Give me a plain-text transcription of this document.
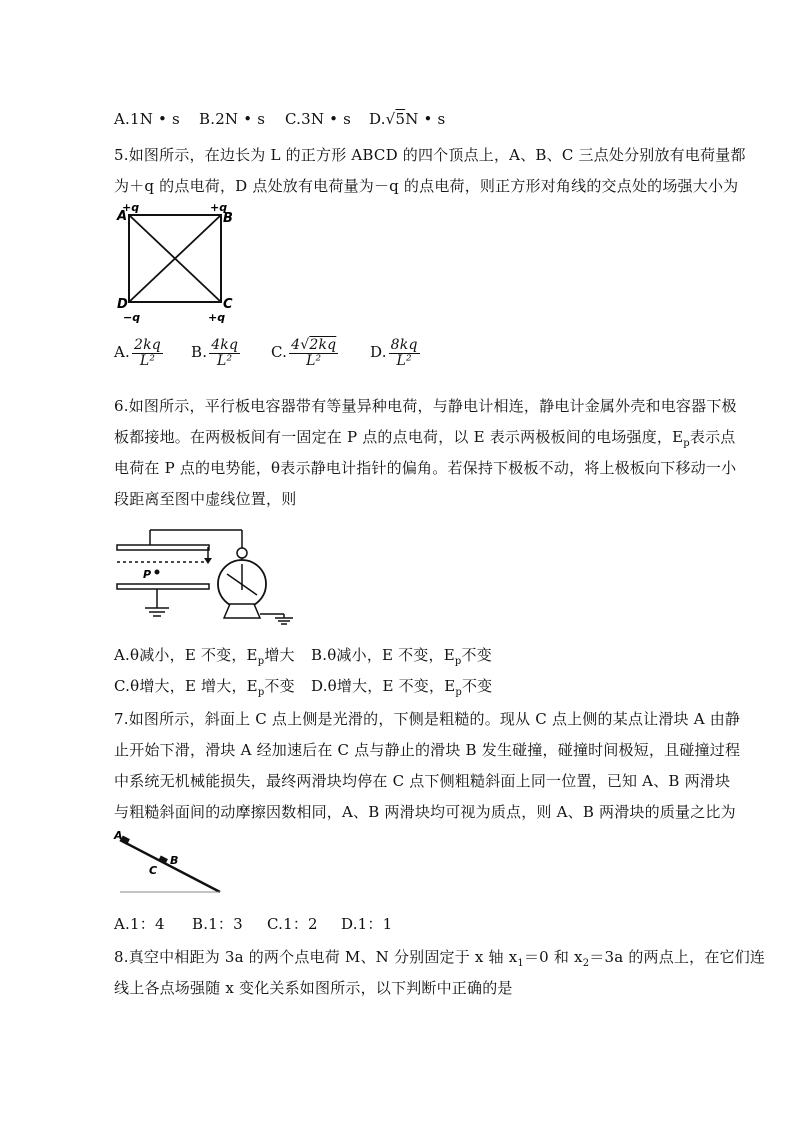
A.1N • s B.2N • s C.3N • s D.√5N • s
5.如图所示，在边长为 L 的正方形 ABCD 的四个顶点上，A、B、C 三点处分别放有电荷量都
为＋q 的点电荷，D 点处放有电荷量为－q 的点电荷，则正方形对角线的交点处的场强大小为
+q	+q
A	B
D	C
−q	+q
A. $\frac{2kq}{\text{L²}} B$. $\frac{4kq}{\text{L²}} C$. $\frac{4√2kq}{\text{L²}} D$. $\frac{8kq}{\text{L²}}$
6.如图所示，平行板电容器带有等量异种电荷，与静电计相连，静电计金属外壳和电容器下极
板都接地。在两极板间有一固定在 P 点的点电荷，以 E 表示两极板间的电场强度，$E_p$表示点
电荷在 P 点的电势能，θ表示静电计指针的偏角。若保持下极板不动，将上极板向下移动一小
段距离至图中虚线位置，则
P
A.θ减小，E 不变，$E_p$增大 B.θ减小，E 不变，$E_p$不变
C.θ增大，E 增大，$E_p$不变 D.θ增大，E 不变，$E_p$不变
7.如图所示，斜面上 C 点上侧是光滑的，下侧是粗糙的。现从 C 点上侧的某点让滑块 A 由静
止开始下滑，滑块 A 经加速后在 C 点与静止的滑块 B 发生碰撞，碰撞时间极短，且碰撞过程
中系统无机械能损失，最终两滑块均停在 C 点下侧粗糙斜面上同一位置，已知 A、B 两滑块
与粗糙斜面间的动摩擦因数相同，A、B 两滑块均可视为质点，则 A、B 两滑块的质量之比为
A
B
C
A.1：4 B.1：3 C.1：2 D.1：1
8.真空中相距为 3a 的两个点电荷 M、N 分别固定于 x 轴 $x_1=0$ 和 $x_2=3a$ 的两点上，在它们连
线上各点场强随 x 变化关系如图所示，以下判断中正确的是
